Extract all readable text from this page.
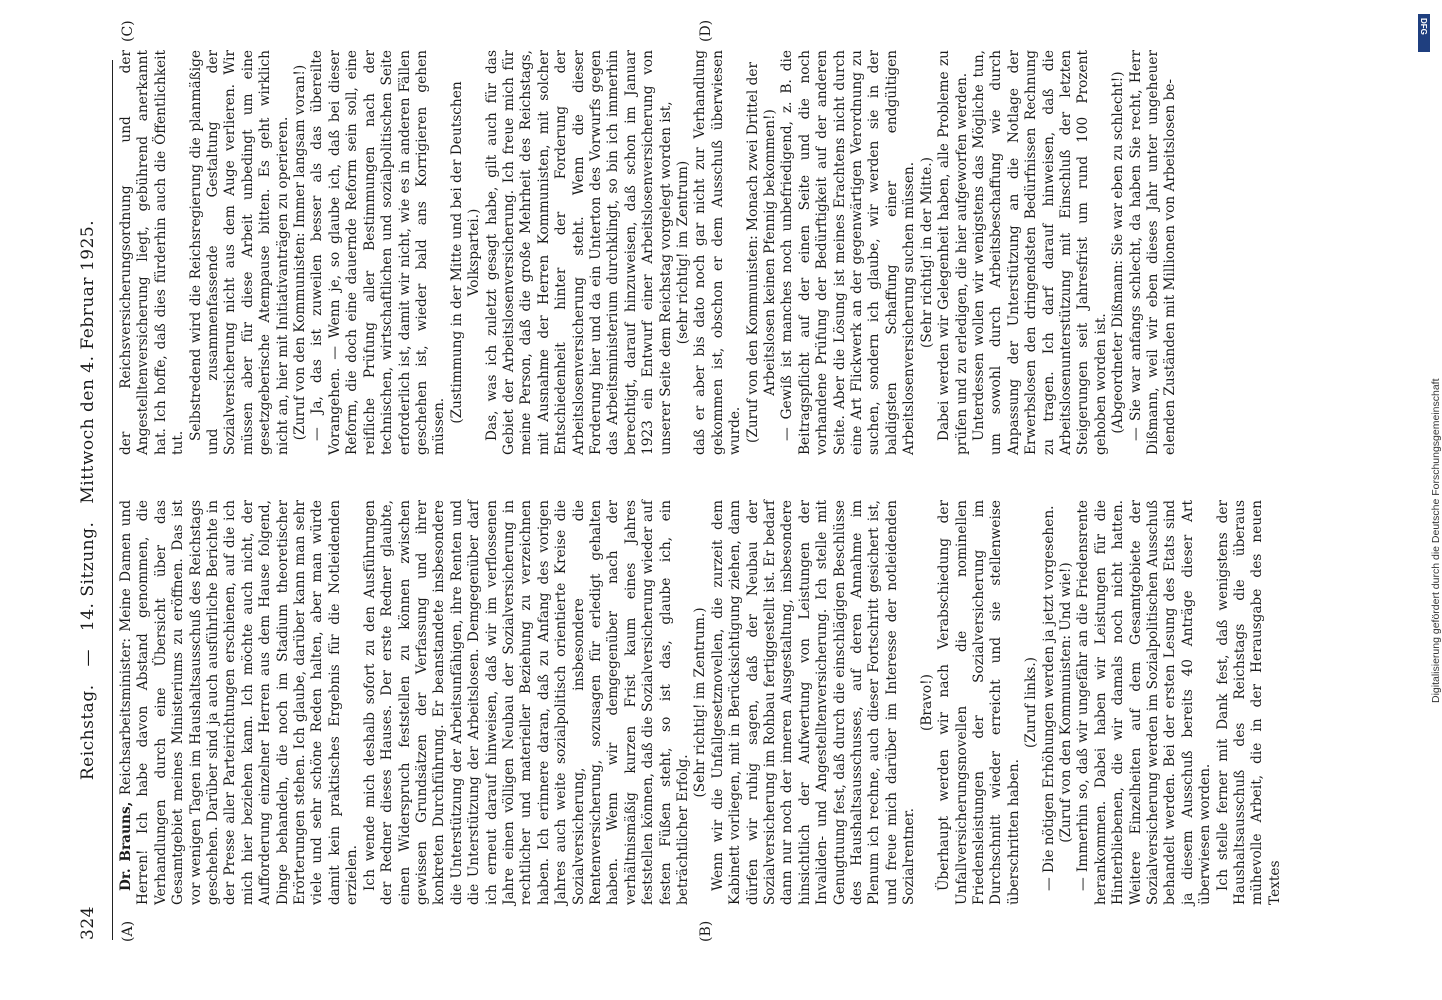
324
Reichstag. — 14. Sitzung. Mittwoch den 4. Februar 1925.
(A)	(B)
(C)	(D)

Dr. Brauns, Reichsarbeitsminister: Meine Damen und Herren! Ich habe davon Abstand genommen, die Verhandlungen durch eine Übersicht über das Gesamtgebiet meines Ministeriums zu eröffnen. Das ist vor wenigen Tagen im Haushaltsausschuß des Reichstags geschehen. Darüber sind ja auch ausführliche Berichte in der Presse aller Parteirichtungen erschienen, auf die ich mich hier beziehen kann. Ich möchte auch nicht, der Aufforderung einzelner Herren aus dem Hause folgend, Dinge behandeln, die noch im Stadium theoretischer Erörterungen stehen. Ich glaube, darüber kann man sehr viele und sehr schöne Reden halten, aber man würde damit kein praktisches Ergebnis für die Notleidenden erzielen. Ich wende mich deshalb sofort zu den Ausführungen der Redner dieses Hauses. Der erste Redner glaubte, einen Widerspruch feststellen zu können zwischen gewissen Grundsätzen der Verfassung und ihrer konkreten Durchführung. Er beanstandete insbesondere die Unterstützung der Arbeitsunfähigen, ihre Renten und die Unterstützung der Arbeitslosen. Demgegenüber darf ich erneut darauf hinweisen, daß wir im verflossenen Jahre einen völligen Neubau der Sozialversicherung in rechtlicher und materieller Beziehung zu verzeichnen haben. Ich erinnere daran, daß zu Anfang des vorigen Jahres auch weite sozialpolitisch orientierte Kreise die Sozialversicherung, insbesondere die Rentenversicherung, sozusagen für erledigt gehalten haben. Wenn wir demgegenüber nach der verhältnismäßig kurzen Frist kaum eines Jahres feststellen können, daß die Sozialversicherung wieder auf festen Füßen steht, so ist das, glaube ich, ein beträchtlicher Erfolg.

(Sehr richtig! im Zentrum.) Wenn wir die Unfallgesetznovellen, die zurzeit dem Kabinett vorliegen, mit in Berücksichtigung ziehen, dann dürfen wir ruhig sagen, daß der Neubau der Sozialversicherung im Rohbau fertiggestellt ist. Er bedarf dann nur noch der inneren Ausgestaltung, insbesondere hinsichtlich der Aufwertung von Leistungen der Invaliden- und Angestelltenversicherung. Ich stelle mit Genugtuung fest, daß durch die einschlägigen Beschlüsse des Haushaltsausschusses, auf deren Annahme im Plenum ich rechne, auch dieser Fortschritt gesichert ist, und freue mich darüber im Interesse der notleidenden Sozialrentner.

(Bravo!) Überhaupt werden wir nach Verabschiedung der Unfallversicherungsnovellen die nominellen Friedensleistungen der Sozialversicherung im Durchschnitt wieder erreicht und sie stellenweise überschritten haben.

(Zuruf links.) — Die nötigen Erhöhungen werden ja jetzt vorgesehen. (Zuruf von den Kommunisten: Und wie!) — Immerhin so, daß wir ungefähr an die Friedensrente herankommen. Dabei haben wir Leistungen für die Hinterbliebenen, die wir damals noch nicht hatten. Weitere Einzelheiten auf dem Gesamtgebiete der Sozialversicherung werden im Sozialpolitischen Ausschuß behandelt werden. Bei der ersten Lesung des Etats sind ja diesem Ausschuß bereits 40 Anträge dieser Art überwiesen worden. Ich stelle ferner mit Dank fest, daß wenigstens der Haushaltsausschuß des Reichstags die überaus mühevolle Arbeit, die in der Herausgabe des neuen Textes

der Reichsversicherungsordnung und der Angestelltenversicherung liegt, gebührend anerkannt hat. Ich hoffe, daß dies fürderhin auch die Öffentlichkeit tut.

Selbstredend wird die Reichsregierung die planmäßige und zusammenfassende Gestaltung der Sozialversicherung nicht aus dem Auge verlieren. Wir müssen aber für diese Arbeit unbedingt um eine gesetzgeberische Atempause bitten. Es geht wirklich nicht an, hier mit Initiativanträgen zu operieren. (Zuruf von den Kommunisten: Immer langsam voran!) — Ja, das ist zuweilen besser als das übereilte Vorangehen. — Wenn je, so glaube ich, daß bei dieser Reform, die doch eine dauernde Reform sein soll, eine reifliche Prüfung aller Bestimmungen nach der technischen, wirtschaftlichen und sozialpolitischen Seite erforderlich ist, damit wir nicht, wie es in anderen Fällen geschehen ist, wieder bald ans Korrigieren gehen müssen.

(Zustimmung in der Mitte und bei der Deutschen Volkspartei.) Das, was ich zuletzt gesagt habe, gilt auch für das Gebiet der Arbeitslosenversicherung. Ich freue mich für meine Person, daß die große Mehrheit des Reichstags, mit Ausnahme der Herren Kommunisten, mit solcher Entschiedenheit hinter der Forderung der Arbeitslosenversicherung steht. Wenn die dieser Forderung hier und da ein Unterton des Vorwurfs gegen das Arbeitsministerium durchklingt, so bin ich immerhin berechtigt, darauf hinzuweisen, daß schon im Januar 1923 ein Entwurf einer Arbeitslosenversicherung von unserer Seite dem Reichstag vorgelegt worden ist, (sehr richtig! im Zentrum) daß er aber bis dato noch gar nicht zur Verhandlung gekommen ist, obschon er dem Ausschuß überwiesen wurde. (Zuruf von den Kommunisten: Monach zwei Drittel der Arbeitslosen keinen Pfennig bekommen!) — Gewiß ist manches noch unbefriedigend, z. B. die Beitragspflicht auf der einen Seite und die noch vorhandene Prüfung der Bedürftigkeit auf der anderen Seite. Aber die Lösung ist meines Erachtens nicht durch eine Art Flickwerk an der gegenwärtigen Verordnung zu suchen, sondern ich glaube, wir werden sie in der baldigsten Schaffung einer endgültigen Arbeitslosenversicherung suchen müssen. (Sehr richtig! in der Mitte.) Dabei werden wir Gelegenheit haben, alle Probleme zu prüfen und zu erledigen, die hier aufgeworfen werden. Unterdessen wollen wir wenigstens das Mögliche tun, um sowohl durch Arbeitsbeschaffung wie durch Anpassung der Unterstützung an die Notlage der Erwerbslosen den dringendsten Bedürfnissen Rechnung zu tragen. Ich darf darauf hinweisen, daß die Arbeitslosenunterstützung mit Einschluß der letzten Steigerungen seit Jahresfrist um rund 100 Prozent gehoben worden ist. (Abgeordneter Dißmann: Sie war eben zu schlecht!) — Sie war anfangs schlecht, da haben Sie recht, Herr Dißmann, weil wir eben dieses Jahr unter ungeheuer elenden Zuständen mit Millionen von Arbeitslosen be-

DFG
Digitalisierung gefördert durch die Deutsche Forschungsgemeinschaft
